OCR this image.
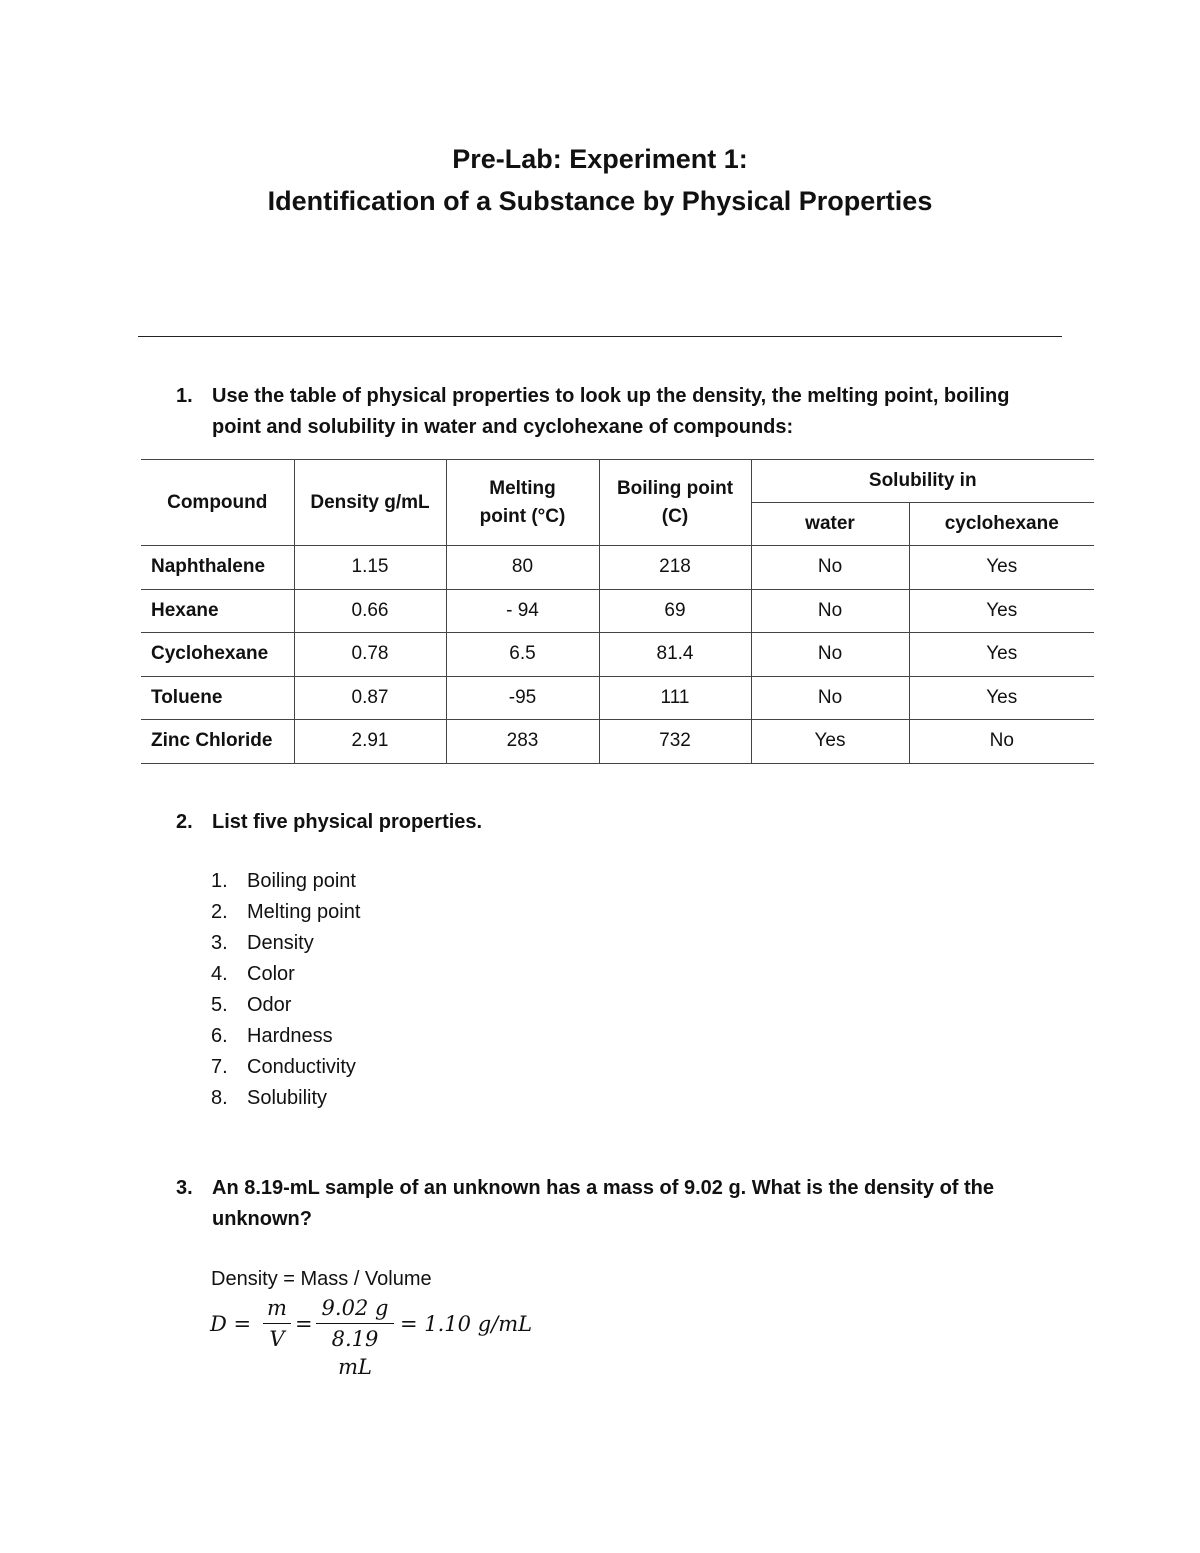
Pre-Lab: Experiment 1:
Identification of a Substance by Physical Properties
1. Use the table of physical properties to look up the density, the melting point, boiling point and solubility in water and cyclohexane of compounds:
Compound	Density g/mL	Melting point (°C)	Boiling point (C)	Solubility in	
				water	cyclohexane
Naphthalene	1.15	80	218	No	Yes
Hexane	0.66	- 94	69	No	Yes
Cyclohexane	0.78	6.5	81.4	No	Yes
Toluene	0.87	-95	111	No	Yes
Zinc Chloride	2.91	283	732	Yes	No
2. List five physical properties.
1. Boiling point
2. Melting point
3. Density
4. Color
5. Odor
6. Hardness
7. Conductivity
8. Solubility
3. An 8.19-mL sample of an unknown has a mass of 9.02 g. What is the density of the unknown?
Density = Mass / Volume
$D = \frac{m}{V} = \frac{9.02 g}{8.19 mL} = 1.10$ g/mL
